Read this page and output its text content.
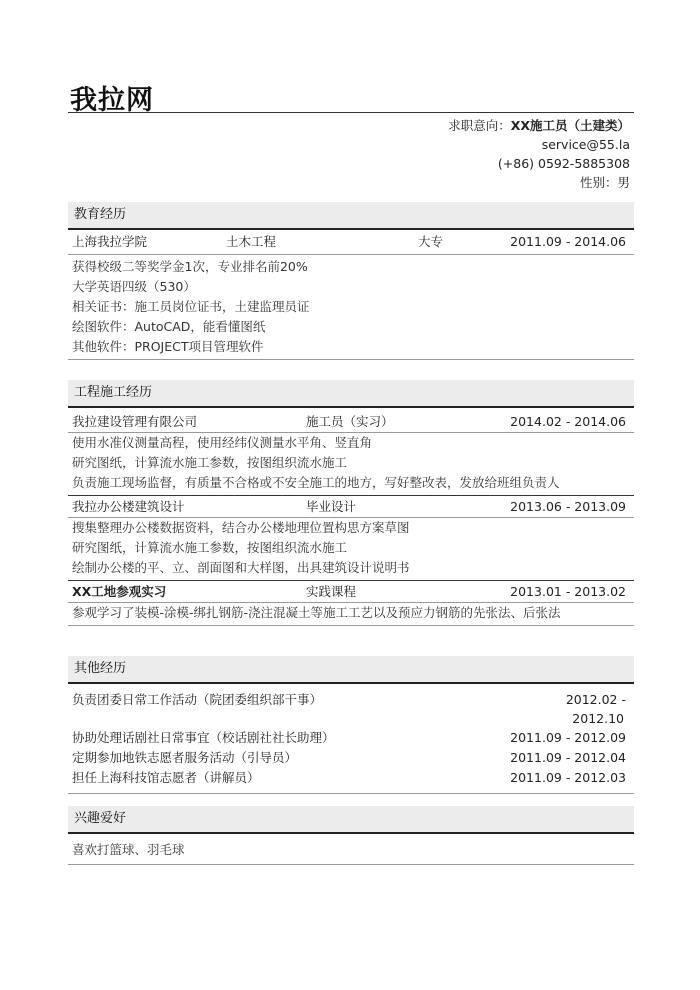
我拉网
求职意向：XX施工员（土建类）
service@55.la
(+86) 0592-5885308
性别：男
教育经历
上海我拉学院	土木工程	大专	2011.09 - 2014.06
获得校级二等奖学金1次，专业排名前20%
大学英语四级（530）
相关证书：施工员岗位证书，土建监理员证
绘图软件：AutoCAD，能看懂图纸
其他软件：PROJECT项目管理软件
工程施工经历
我拉建设管理有限公司	施工员（实习）	2014.02 - 2014.06
使用水准仪测量高程，使用经纬仪测量水平角、竖直角
研究图纸，计算流水施工参数，按图组织流水施工
负责施工现场监督，有质量不合格或不安全施工的地方，写好整改表，发放给班组负责人
我拉办公楼建筑设计	毕业设计	2013.06 - 2013.09
搜集整理办公楼数据资料，结合办公楼地理位置构思方案草图
研究图纸，计算流水施工参数，按图组织流水施工
绘制办公楼的平、立、剖面图和大样图，出具建筑设计说明书
XX工地参观实习	实践课程	2013.01 - 2013.02
参观学习了装模-涂模-绑扎钢筋-浇注混凝土等施工工艺以及预应力钢筋的先张法、后张法
其他经历
负责团委日常工作活动（院团委组织部干事）	2012.02 -
2012.10
协助处理话剧社日常事宜（校话剧社社长助理）	2011.09 - 2012.09
定期参加地铁志愿者服务活动（引导员）	2011.09 - 2012.04
担任上海科技馆志愿者（讲解员）	2011.09 - 2012.03
兴趣爱好
喜欢打篮球、羽毛球
